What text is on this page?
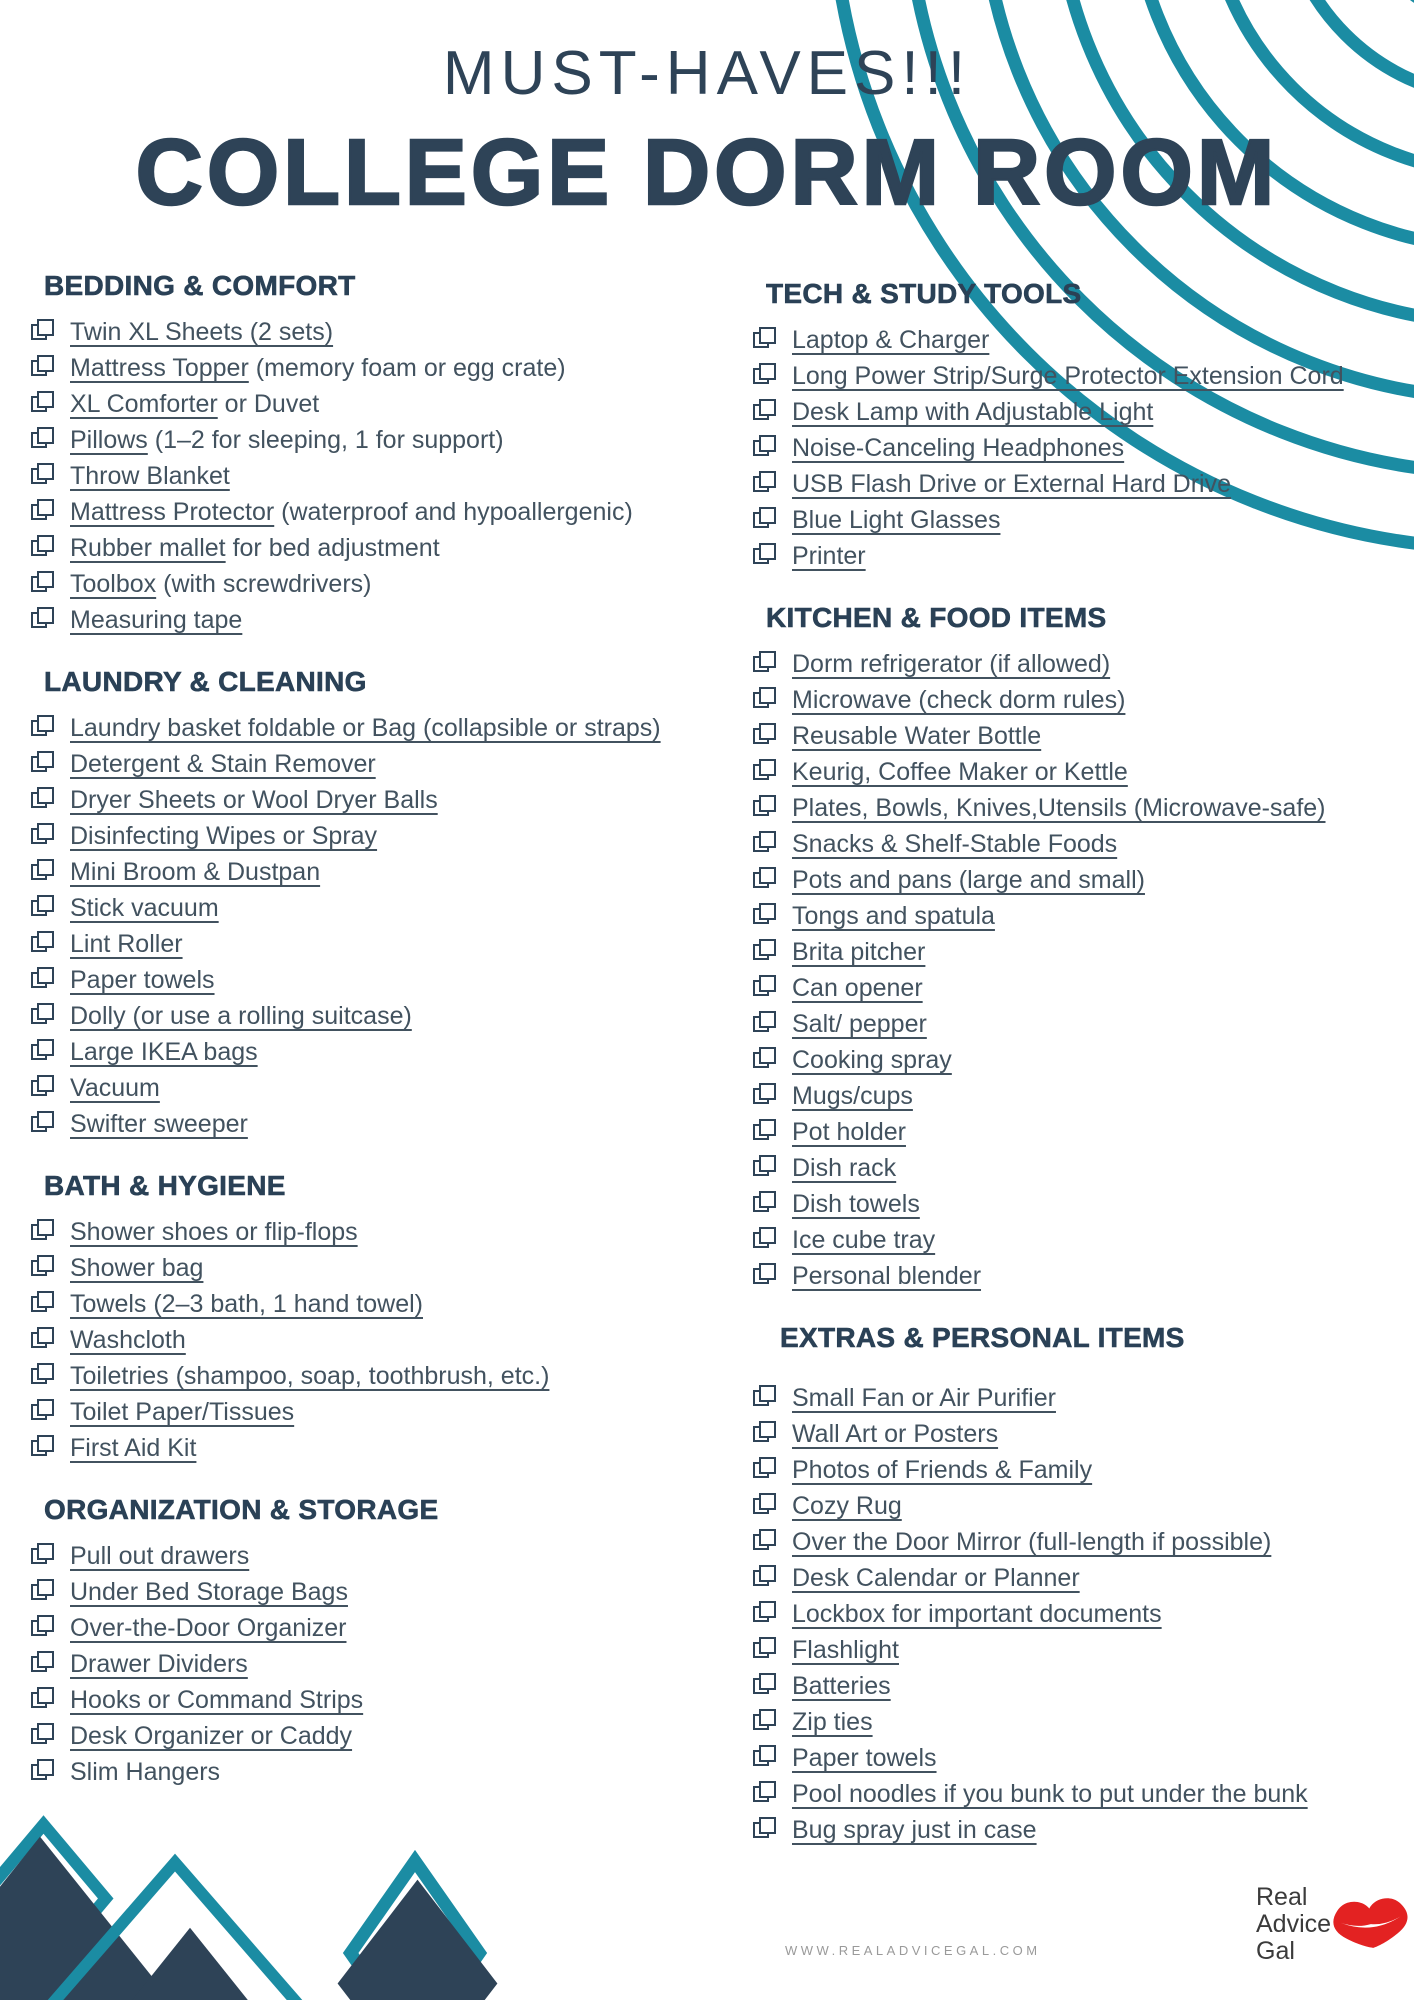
MUST-HAVES!!!
COLLEGE DORM ROOM
BEDDING & COMFORT
Twin XL Sheets (2 sets)
Mattress Topper (memory foam or egg crate)
XL Comforter or Duvet
Pillows (1–2 for sleeping, 1 for support)
Throw Blanket
Mattress Protector (waterproof and hypoallergenic)
Rubber mallet for bed adjustment
Toolbox (with screwdrivers)
Measuring tape
LAUNDRY & CLEANING
Laundry basket foldable or Bag (collapsible or straps)
Detergent & Stain Remover
Dryer Sheets or Wool Dryer Balls
Disinfecting Wipes or Spray
Mini Broom & Dustpan
Stick vacuum
Lint Roller
Paper towels
Dolly (or use a rolling suitcase)
Large IKEA bags
Vacuum
Swifter sweeper
BATH & HYGIENE
Shower shoes or flip-flops
Shower bag
Towels (2–3 bath, 1 hand towel)
Washcloth
Toiletries (shampoo, soap, toothbrush, etc.)
Toilet Paper/Tissues
First Aid Kit
ORGANIZATION & STORAGE
Pull out drawers
Under Bed Storage Bags
Over-the-Door Organizer
Drawer Dividers
Hooks or Command Strips
Desk Organizer or Caddy
Slim Hangers
TECH & STUDY TOOLS
Laptop & Charger
Long Power Strip/Surge Protector Extension Cord
Desk Lamp with Adjustable Light
Noise-Canceling Headphones
USB Flash Drive or External Hard Drive
Blue Light Glasses
Printer
KITCHEN & FOOD ITEMS
Dorm refrigerator (if allowed)
Microwave (check dorm rules)
Reusable Water Bottle
Keurig, Coffee Maker or Kettle
Plates, Bowls, Knives,Utensils (Microwave-safe)
Snacks & Shelf-Stable Foods
Pots and pans (large and small)
Tongs and spatula
Brita pitcher
Can opener
Salt/ pepper
Cooking spray
Mugs/cups
Pot holder
Dish rack
Dish towels
Ice cube tray
Personal blender
EXTRAS & PERSONAL ITEMS
Small Fan or Air Purifier
Wall Art or Posters
Photos of Friends & Family
Cozy Rug
Over the Door Mirror (full-length if possible)
Desk Calendar or Planner
Lockbox for important documents
Flashlight
Batteries
Zip ties
Paper towels
Pool noodles if you bunk to put under the bunk
Bug spray just in case
WWW.REALADVICEGAL.COM
Real
Advice
Gal
